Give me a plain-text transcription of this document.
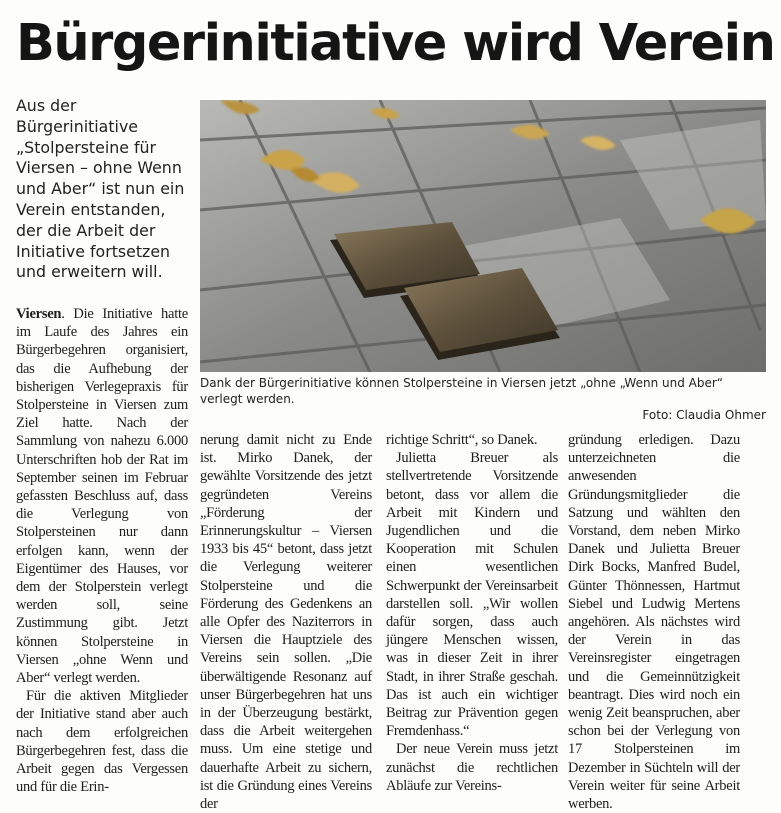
Bürgerinitiative wird Verein

Aus der Bürgerinitiative „Stolpersteine für Viersen – ohne Wenn und Aber“ ist nun ein Verein entstanden, der die Arbeit der Initiative fortsetzen und erweitern will.

Dank der Bürgerinitiative können Stolpersteine in Viersen jetzt „ohne „Wenn und Aber“ verlegt werden.
Foto: Claudia Ohmer

Viersen. Die Initiative hatte im Laufe des Jahres ein Bürgerbegehren organisiert, das die Aufhebung der bisherigen Verlegepraxis für Stolpersteine in Viersen zum Ziel hatte. Nach der Sammlung von nahezu 6.000 Unterschriften hob der Rat im September seinen im Februar gefassten Beschluss auf, dass die Verlegung von Stolpersteinen nur dann erfolgen kann, wenn der Eigentümer des Hauses, vor dem der Stolperstein verlegt werden soll, seine Zustimmung gibt. Jetzt können Stolpersteine in Viersen „ohne Wenn und Aber“ verlegt werden.

Für die aktiven Mitglieder der Initiative stand aber auch nach dem erfolgreichen Bürgerbegehren fest, dass die Arbeit gegen das Vergessen und für die Erin-

nerung damit nicht zu Ende ist. Mirko Danek, der gewählte Vorsitzende des jetzt gegründeten Vereins „Förderung der Erinnerungskultur – Viersen 1933 bis 45“ betont, dass jetzt die Verlegung weiterer Stolpersteine und die Förderung des Gedenkens an alle Opfer des Naziterrors in Viersen die Hauptziele des Vereins sein sollen. „Die überwältigende Resonanz auf unser Bürgerbegehren hat uns in der Überzeugung bestärkt, dass die Arbeit weitergehen muss. Um eine stetige und dauerhafte Arbeit zu sichern, ist die Gründung eines Vereins der

richtige Schritt“, so Danek.

Julietta Breuer als stellvertretende Vorsitzende betont, dass vor allem die Arbeit mit Kindern und Jugendlichen und die Kooperation mit Schulen einen wesentlichen Schwerpunkt der Vereinsarbeit darstellen soll. „Wir wollen dafür sorgen, dass auch jüngere Menschen wissen, was in dieser Zeit in ihrer Stadt, in ihrer Straße geschah. Das ist auch ein wichtiger Beitrag zur Prävention gegen Fremdenhass.“

Der neue Verein muss jetzt zunächst die rechtlichen Abläufe zur Vereins-

gründung erledigen. Dazu unterzeichneten die anwesenden Gründungsmitglieder die Satzung und wählten den Vorstand, dem neben Mirko Danek und Julietta Breuer Dirk Bocks, Manfred Budel, Günter Thönnessen, Hartmut Siebel und Ludwig Mertens angehören. Als nächstes wird der Verein in das Vereinsregister eingetragen und die Gemeinnützigkeit beantragt. Dies wird noch ein wenig Zeit beanspruchen, aber schon bei der Verlegung von 17 Stolpersteinen im Dezember in Süchteln will der Verein weiter für seine Arbeit werben.
